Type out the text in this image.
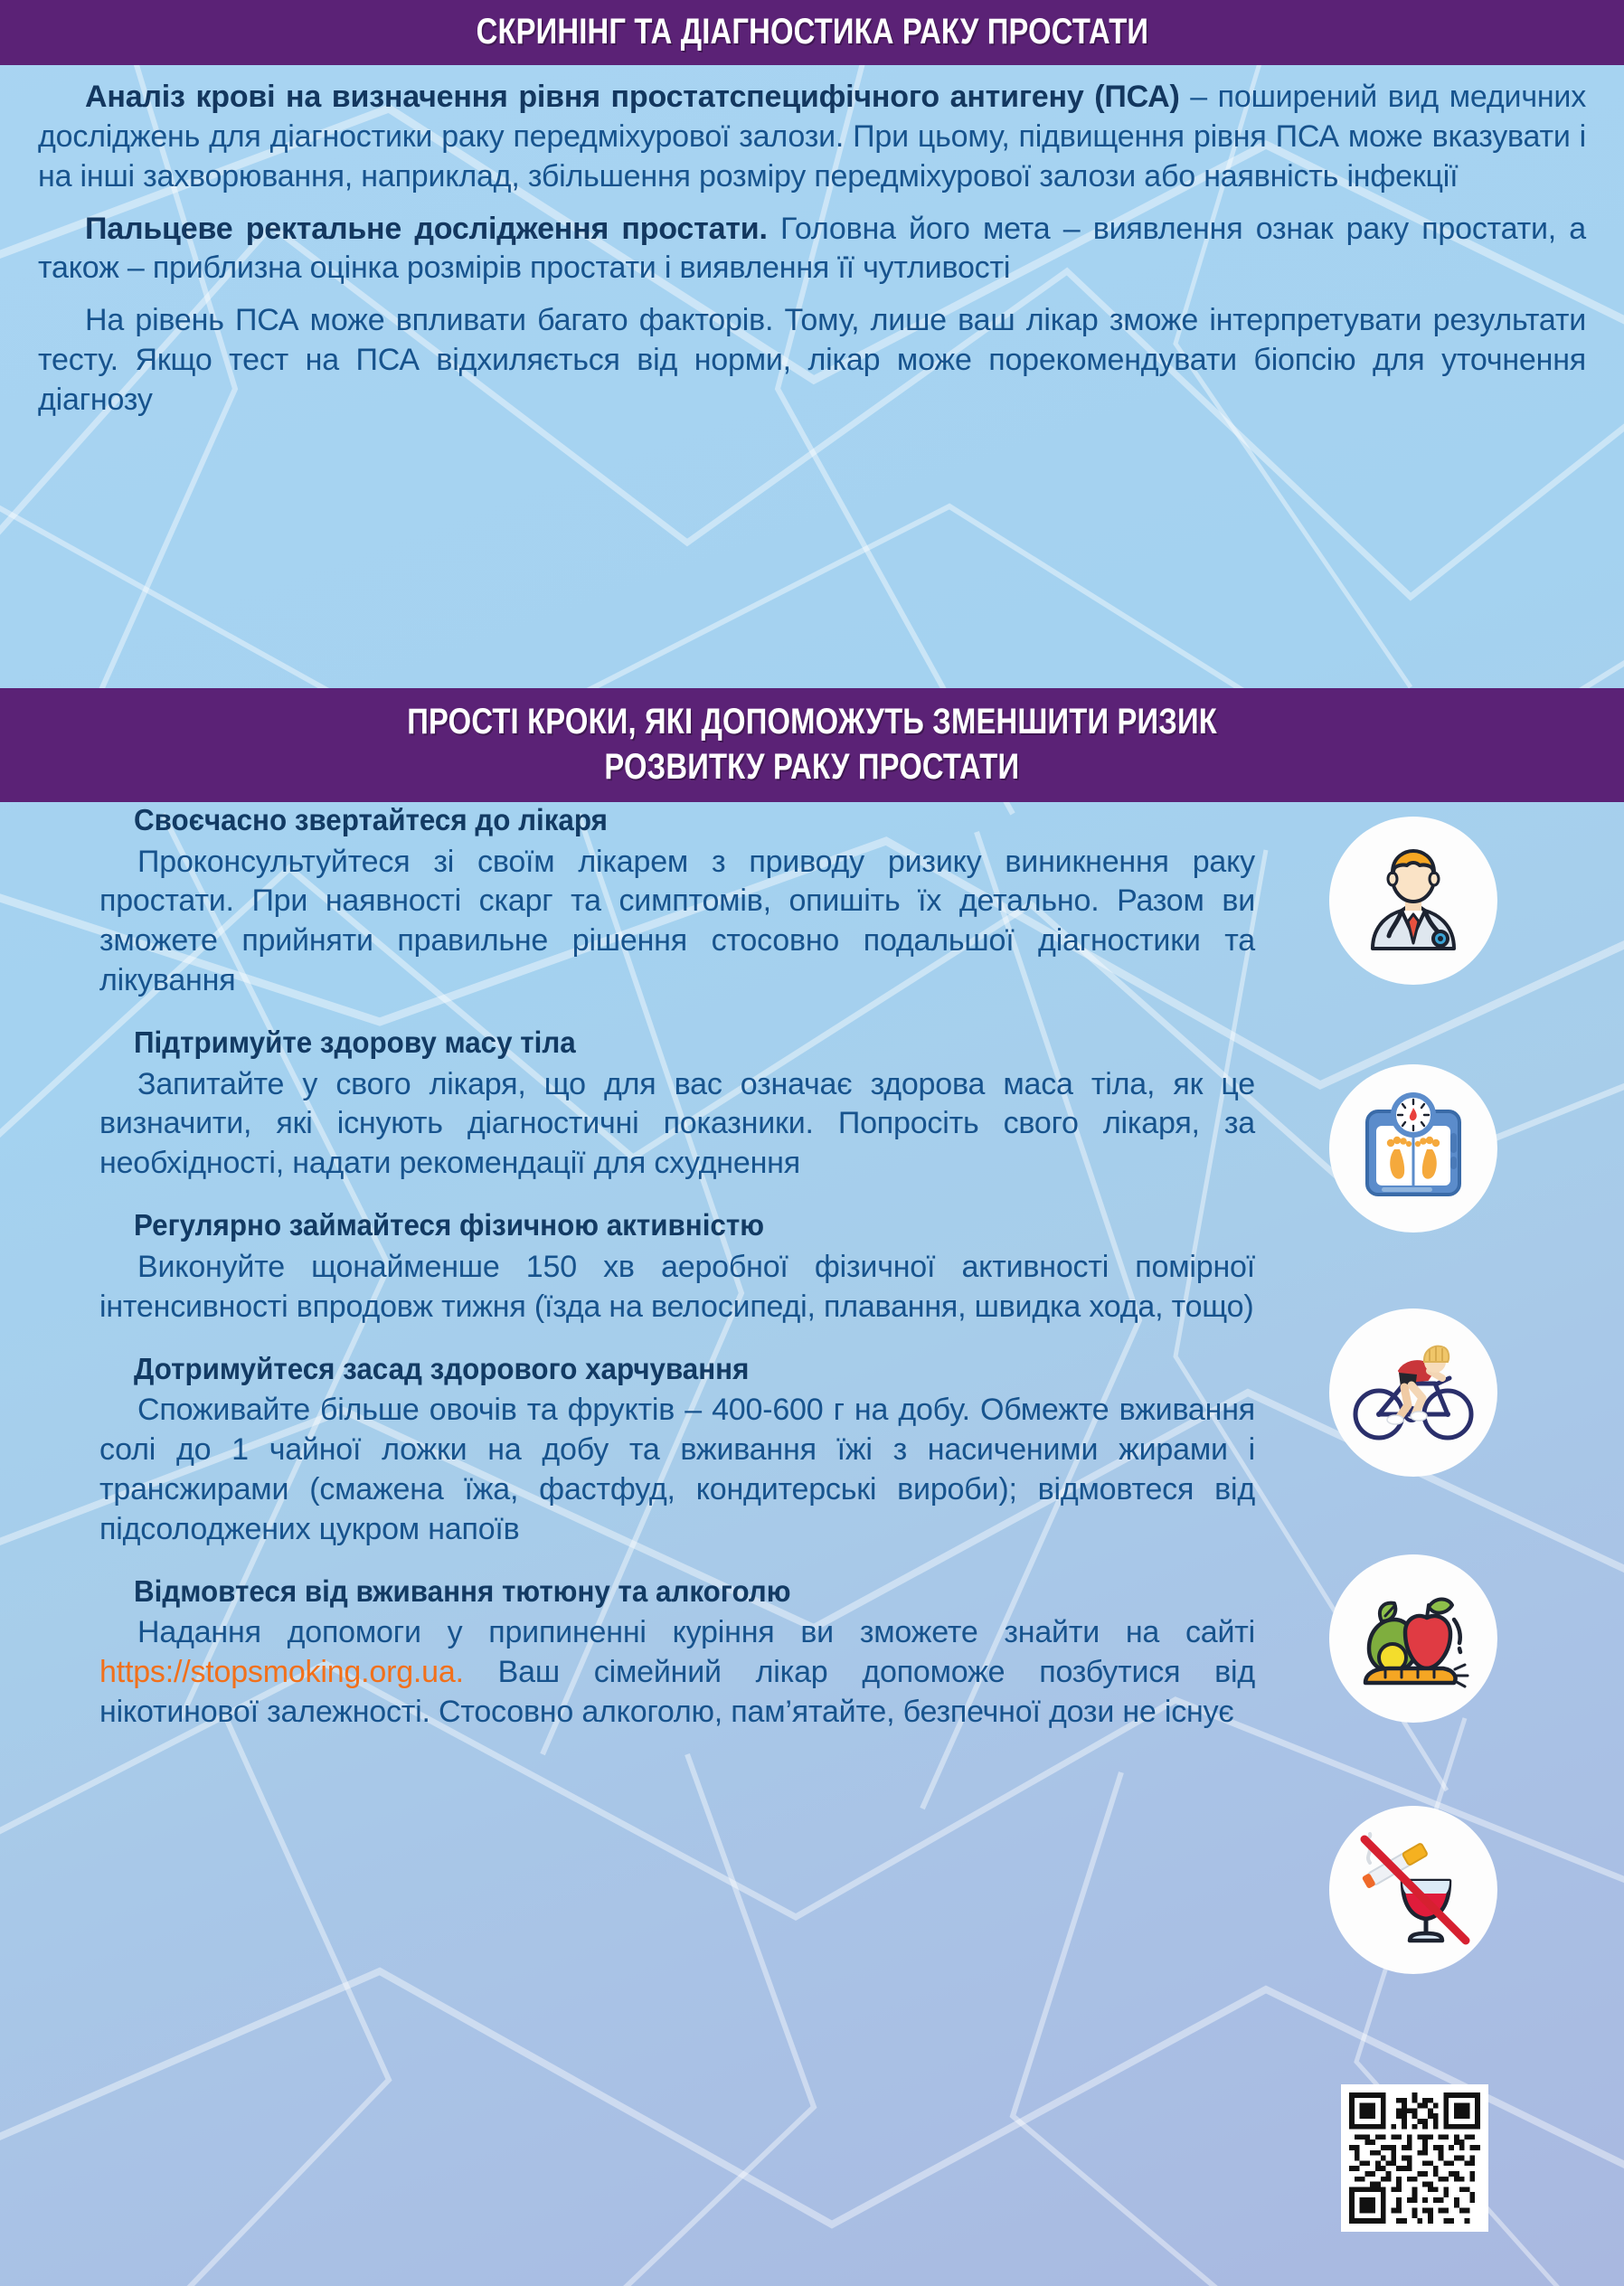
СКРИНІНГ ТА ДІАГНОСТИКА РАКУ ПРОСТАТИ

Аналіз крові на визначення рівня простатспецифічного антигену (ПСА) – поширений вид медичних досліджень для діагностики раку передміхурової залози. При цьому, підвищення рівня ПСА може вказувати і на інші захворювання, наприклад, збільшення розміру передміхурової залози або наявність інфекції

Пальцеве ректальне дослідження простати. Головна його мета – виявлення ознак раку простати, а також – приблизна оцінка розмірів простати і виявлення її чутливості

На рівень ПСА може впливати багато факторів. Тому, лише ваш лікар зможе інтерпретувати результати тесту. Якщо тест на ПСА відхиляється від норми, лікар може порекомендувати біопсію для уточнення діагнозу

ПРОСТІ КРОКИ, ЯКІ ДОПОМОЖУТЬ ЗМЕНШИТИ РИЗИК
РОЗВИТКУ РАКУ ПРОСТАТИ
Своєчасно звертайтеся до лікаря

Проконсультуйтеся зі своїм лікарем з приводу ризику виникнення раку простати. При наявності скарг та симптомів, опишіть їх детально. Разом ви зможете прийняти правильне рішення стосовно подальшої діагностики та лікування

Підтримуйте здорову масу тіла

Запитайте у свого лікаря, що для вас означає здорова маса тіла, як це визначити, які існують діагностичні показники. Попросіть свого лікаря, за необхідності, надати рекомендації для схуднення

Регулярно займайтеся фізичною активністю

Виконуйте щонайменше 150 хв аеробної фізичної активності помірної інтенсивності впродовж тижня (їзда на велосипеді, плавання, швидка хода, тощо)

Дотримуйтеся засад здорового харчування

Споживайте більше овочів та фруктів – 400-600 г на добу. Обмежте вживання солі до 1 чайної ложки на добу та вживання їжі з насиченими жирами і трансжирами (смажена їжа, фастфуд, кондитерські вироби); відмовтеся від підсолоджених цукром напоїв

Відмовтеся від вживання тютюну та алкоголю

Надання допомоги у припиненні куріння ви зможете знайти на сайті https://stopsmoking.org.ua. Ваш сімейний лікар допоможе позбутися від нікотинової залежності. Стосовно алкоголю, пам’ятайте, безпечної дози не існує
